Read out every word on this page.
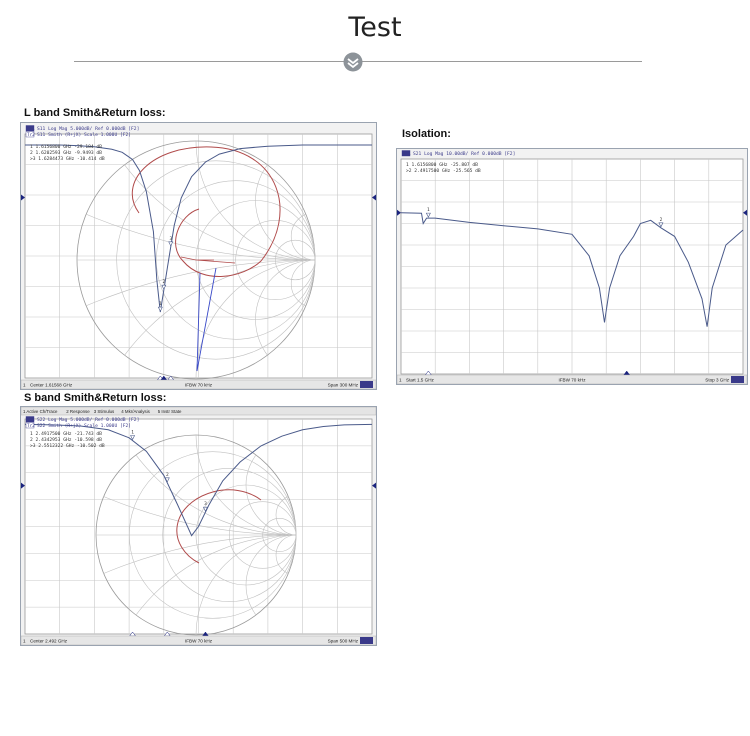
Test
L band Smith&Return loss:
Isolation:
S band Smith&Return loss:
1
2
3
Tr1 S11 Log Mag 5.000dB/ Ref 0.000dB [F2]
Tr2 S11 Smith (R+jX) Scale 1.000U [F2]
1 1.6156800 GHz -29.184 dB
2 1.6202593 GHz -9.9493 dB
>3 1.6284473 GHz -10.414 dB
1 Center 1.61568 GHz	IFBW 70 kHz	Span 300 MHz
1
2
Tr1 S21 Log Mag 10.00dB/ Ref 0.000dB [F2]
1 1.6156800 GHz -25.807 dB
>2 2.4917500 GHz -25.565 dB
1 Start 1.5 GHz	IFBW 70 kHz	Stop 3 GHz
1 Active Ch/Trace 2 Response 3 Stimulus 4 Mkr/Analysis 5 Instr State
1
2
3
Tr1 S22 Log Mag 5.000dB/ Ref 0.000dB [F2]
Tr2 S22 Smith (R+jX) Scale 1.000U [F2]
1 2.4917500 GHz -21.743 dB
2 2.4342953 GHz -10.598 dB
>3 2.5512322 GHz -10.502 dB
1 Center 2.492 GHz	IFBW 70 kHz	Span 500 MHz
